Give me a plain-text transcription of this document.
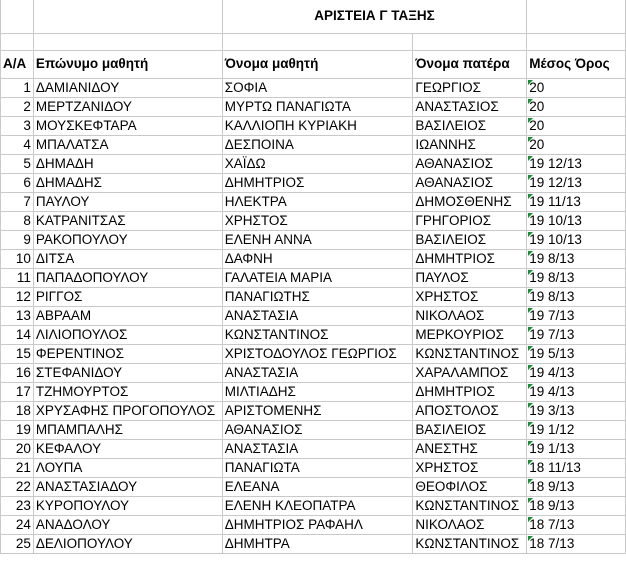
		ΑΡΙΣΤΕΙΑ Γ ΤΑΞΗΣ		

Α/Α	Επώνυμο μαθητή	Όνομα μαθητή	Όνομα πατέρα	Μέσος Όρος
1	ΔΑΜΙΑΝΙΔΟΥ	ΣΟΦΙΑ	ΓΕΩΡΓΙΟΣ	20
2	ΜΕΡΤΖΑΝΙΔΟΥ	ΜΥΡΤΩ ΠΑΝΑΓΙΩΤΑ	ΑΝΑΣΤΑΣΙΟΣ	20
3	ΜΟΥΣΚΕΦΤΑΡΑ	ΚΑΛΛΙΟΠΗ ΚΥΡΙΑΚΗ	ΒΑΣΙΛΕΙΟΣ	20
4	ΜΠΑΛΑΤΣΑ	ΔΕΣΠΟΙΝΑ	ΙΩΑΝΝΗΣ	20
5	ΔΗΜΑΔΗ	ΧΑΪΔΩ	ΑΘΑΝΑΣΙΟΣ	19 12/13
6	ΔΗΜΑΔΗΣ	ΔΗΜΗΤΡΙΟΣ	ΑΘΑΝΑΣΙΟΣ	19 12/13
7	ΠΑΥΛΟΥ	ΗΛΕΚΤΡΑ	ΔΗΜΟΣΘΕΝΗΣ	19 11/13
8	ΚΑΤΡΑΝΙΤΣΑΣ	ΧΡΗΣΤΟΣ	ΓΡΗΓΟΡΙΟΣ	19 10/13
9	ΡΑΚΟΠΟΥΛΟΥ	ΕΛΕΝΗ ΑΝΝΑ	ΒΑΣΙΛΕΙΟΣ	19 10/13
10	ΔΙΤΣΑ	ΔΑΦΝΗ	ΔΗΜΗΤΡΙΟΣ	19 8/13
11	ΠΑΠΑΔΟΠΟΥΛΟΥ	ΓΑΛΑΤΕΙΑ ΜΑΡΙΑ	ΠΑΥΛΟΣ	19 8/13
12	ΡΙΓΓΟΣ	ΠΑΝΑΓΙΩΤΗΣ	ΧΡΗΣΤΟΣ	19 8/13
13	ΑΒΡΑΑΜ	ΑΝΑΣΤΑΣΙΑ	ΝΙΚΟΛΑΟΣ	19 7/13
14	ΛΙΛΙΟΠΟΥΛΟΣ	ΚΩΝΣΤΑΝΤΙΝΟΣ	ΜΕΡΚΟΥΡΙΟΣ	19 7/13
15	ΦΕΡΕΝΤΙΝΟΣ	ΧΡΙΣΤΟΔΟΥΛΟΣ ΓΕΩΡΓΙΟΣ	ΚΩΝΣΤΑΝΤΙΝΟΣ	19 5/13
16	ΣΤΕΦΑΝΙΔΟΥ	ΑΝΑΣΤΑΣΙΑ	ΧΑΡΑΛΑΜΠΟΣ	19 4/13
17	ΤΖΗΜΟΥΡΤΟΣ	ΜΙΛΤΙΑΔΗΣ	ΔΗΜΗΤΡΙΟΣ	19 4/13
18	ΧΡΥΣΑΦΗΣ ΠΡΟΓΟΠΟΥΛΟΣ	ΑΡΙΣΤΟΜΕΝΗΣ	ΑΠΟΣΤΟΛΟΣ	19 3/13
19	ΜΠΑΜΠΑΛΗΣ	ΑΘΑΝΑΣΙΟΣ	ΒΑΣΙΛΕΙΟΣ	19 1/12
20	ΚΕΦΑΛΟΥ	ΑΝΑΣΤΑΣΙΑ	ΑΝΕΣΤΗΣ	19 1/13
21	ΛΟΥΠΑ	ΠΑΝΑΓΙΩΤΑ	ΧΡΗΣΤΟΣ	18 11/13
22	ΑΝΑΣΤΑΣΙΑΔΟΥ	ΕΛΕΑΝΑ	ΘΕΟΦΙΛΟΣ	18 9/13
23	ΚΥΡΟΠΟΥΛΟΥ	ΕΛΕΝΗ ΚΛΕΟΠΑΤΡΑ	ΚΩΝΣΤΑΝΤΙΝΟΣ	18 9/13
24	ΑΝΑΔΟΛΟΥ	ΔΗΜΗΤΡΙΟΣ ΡΑΦΑΗΛ	ΝΙΚΟΛΑΟΣ	18 7/13
25	ΔΕΛΙΟΠΟΥΛΟΥ	ΔΗΜΗΤΡΑ	ΚΩΝΣΤΑΝΤΙΝΟΣ	18 7/13
